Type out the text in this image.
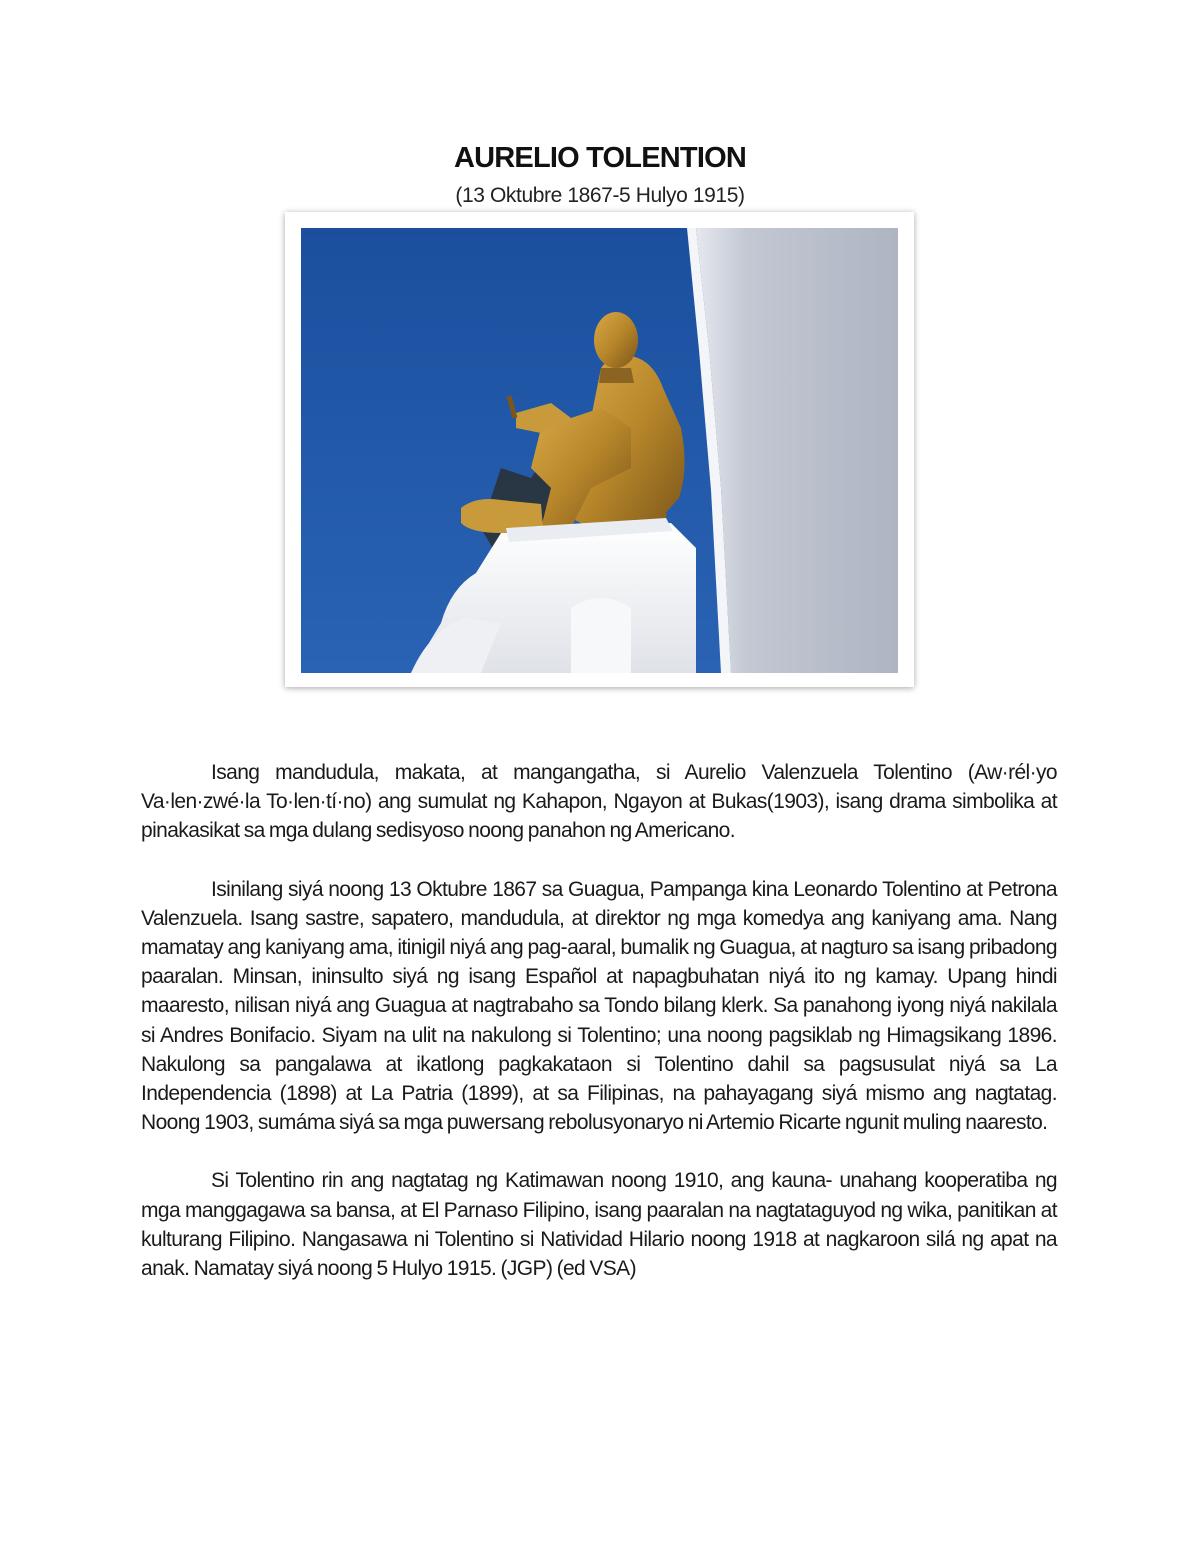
AURELIO TOLENTION
(13 Oktubre 1867-5 Hulyo 1915)

Isang mandudula, makata, at mangangatha, si Aurelio Valenzuela Tolentino (Aw·rél·yo Va·len·zwé·la To·len·tí·no) ang sumulat ng Kahapon, Ngayon at Bukas(1903), isang drama simbolika at pinakasikat sa mga dulang sedisyoso noong panahon ng Americano.

Isinilang siyá noong 13 Oktubre 1867 sa Guagua, Pampanga kina Leonardo Tolentino at Petrona Valenzuela. Isang sastre, sapatero, mandudula, at direktor ng mga komedya ang kaniyang ama. Nang mamatay ang kaniyang ama, itinigil niyá ang pag-aaral, bumalik ng Guagua, at nagturo sa isang pribadong paaralan. Minsan, ininsulto siyá ng isang Español at napagbuhatan niyá ito ng kamay. Upang hindi maaresto, nilisan niyá ang Guagua at nagtrabaho sa Tondo bilang klerk. Sa panahong iyong niyá nakilala si Andres Bonifacio. Siyam na ulit na nakulong si Tolentino; una noong pagsiklab ng Himagsikang 1896. Nakulong sa pangalawa at ikatlong pagkakataon si Tolentino dahil sa pagsusulat niyá sa La Independencia (1898) at La Patria (1899), at sa Filipinas, na pahayagang siyá mismo ang nagtatag. Noong 1903, sumáma siyá sa mga puwersang rebolusyonaryo ni Artemio Ricarte ngunit muling naaresto.

Si Tolentino rin ang nagtatag ng Katimawan noong 1910, ang kauna- unahang kooperatiba ng mga manggagawa sa bansa, at El Parnaso Filipino, isang paaralan na nagtataguyod ng wika, panitikan at kulturang Filipino. Nangasawa ni Tolentino si Natividad Hilario noong 1918 at nagkaroon silá ng apat na anak. Namatay siyá noong 5 Hulyo 1915. (JGP) (ed VSA)
